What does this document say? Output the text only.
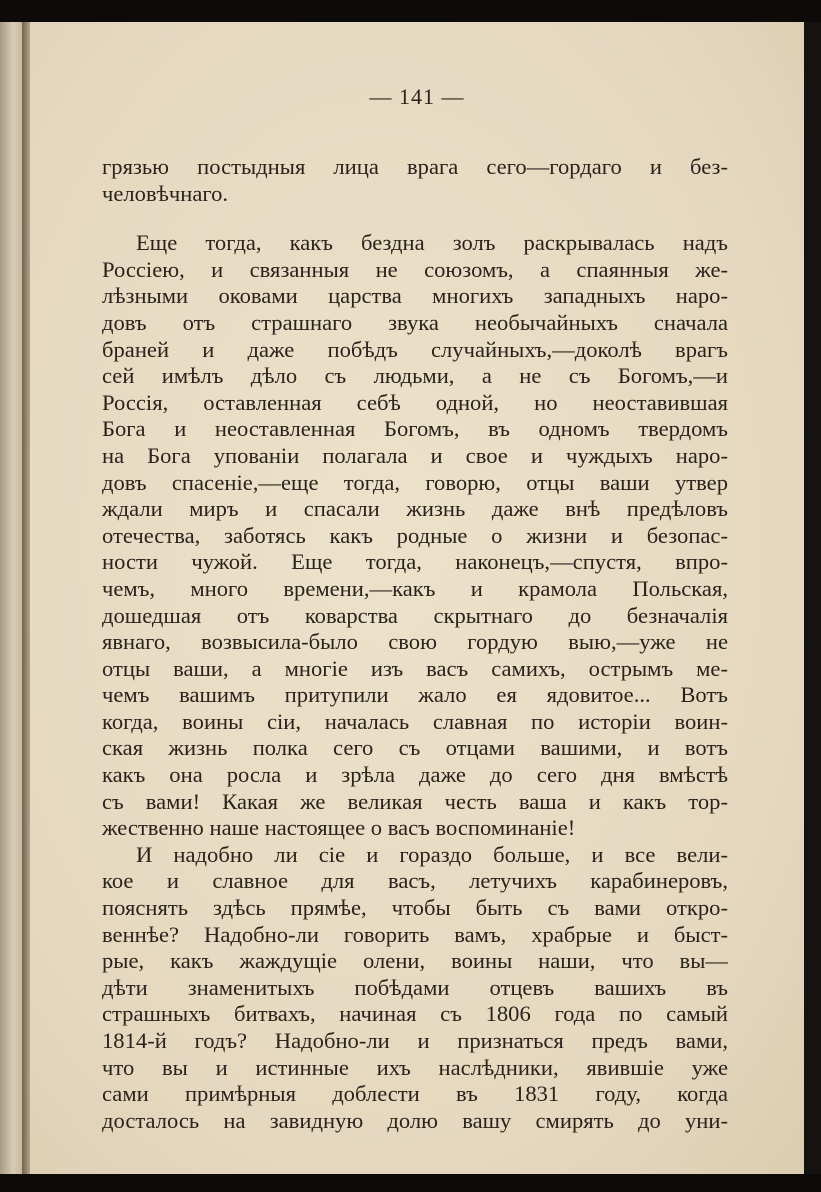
— 141 —
грязью постыдныя лица врага сего—гордаго и без-
человѣчнаго.
Еще тогда, какъ бездна золъ раскрывалась надъ
Россіею, и связанныя не союзомъ, а спаянныя же-
лѣзными оковами царства многихъ западныхъ наро-
довъ отъ страшнаго звука необычайныхъ сначала
браней и даже побѣдъ случайныхъ,—доколѣ врагъ
сей имѣлъ дѣло съ людьми, а не съ Богомъ,—и
Россія, оставленная себѣ одной, но неоставившая
Бога и неоставленная Богомъ, въ одномъ твердомъ
на Бога упованіи полагала и свое и чуждыхъ наро-
довъ спасеніе,—еще тогда, говорю, отцы ваши утвер
ждали миръ и спасали жизнь даже внѣ предѣловъ
отечества, заботясь какъ родные о жизни и безопас-
ности чужой. Еще тогда, наконецъ,—спустя, впро-
чемъ, много времени,—какъ и крамола Польская,
дошедшая отъ коварства скрытнаго до безначалія
явнаго, возвысила-было свою гордую выю,—уже не
отцы ваши, а многіе изъ васъ самихъ, острымъ ме-
чемъ вашимъ притупили жало ея ядовитое... Вотъ
когда, воины сіи, началась славная по исторіи воин-
ская жизнь полка сего съ отцами вашими, и вотъ
какъ она росла и зрѣла даже до сего дня вмѣстѣ
съ вами! Какая же великая честь ваша и какъ тор-
жественно наше настоящее о васъ воспоминаніе!
И надобно ли сіе и гораздо больше, и все вели-
кое и славное для васъ, летучихъ карабинеровъ,
пояснять здѣсь прямѣе, чтобы быть съ вами откро-
веннѣе? Надобно-ли говорить вамъ, храбрые и быст-
рые, какъ жаждущіе олени, воины наши, что вы—
дѣти знаменитыхъ побѣдами отцевъ вашихъ въ
страшныхъ битвахъ, начиная съ 1806 года по самый
1814-й годъ? Надобно-ли и признаться предъ вами,
что вы и истинные ихъ наслѣдники, явившіе уже
сами примѣрныя доблести въ 1831 году, когда
досталось на завидную долю вашу смирять до уни-
